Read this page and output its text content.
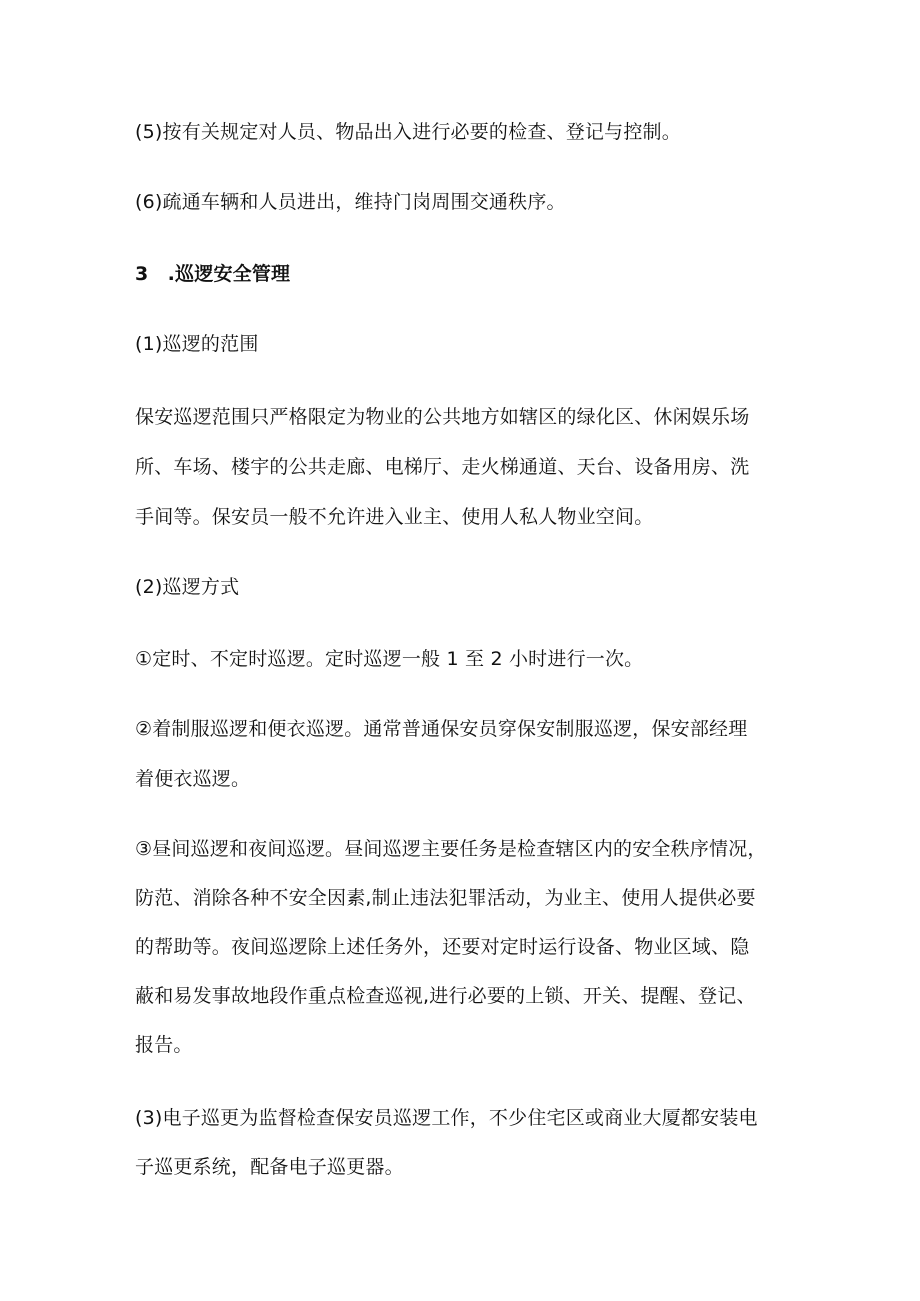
(5)按有关规定对人员、物品出入进行必要的检查、登记与控制。
(6)疏通车辆和人员进出，维持门岗周围交通秩序。
3　.巡逻安全管理
(1)巡逻的范围
保安巡逻范围只严格限定为物业的公共地方如辖区的绿化区、休闲娱乐场
所、车场、楼宇的公共走廊、电梯厅、走火梯通道、天台、设备用房、洗
手间等。保安员一般不允许进入业主、使用人私人物业空间。
(2)巡逻方式
①定时、不定时巡逻。定时巡逻一般 1 至 2 小时进行一次。
②着制服巡逻和便衣巡逻。通常普通保安员穿保安制服巡逻，保安部经理
着便衣巡逻。
③昼间巡逻和夜间巡逻。昼间巡逻主要任务是检查辖区内的安全秩序情况，
防范、消除各种不安全因素,制止违法犯罪活动，为业主、使用人提供必要
的帮助等。夜间巡逻除上述任务外，还要对定时运行设备、物业区域、隐
蔽和易发事故地段作重点检查巡视,进行必要的上锁、开关、提醒、登记、
报告。
(3)电子巡更为监督检查保安员巡逻工作，不少住宅区或商业大厦都安装电
子巡更系统，配备电子巡更器。
